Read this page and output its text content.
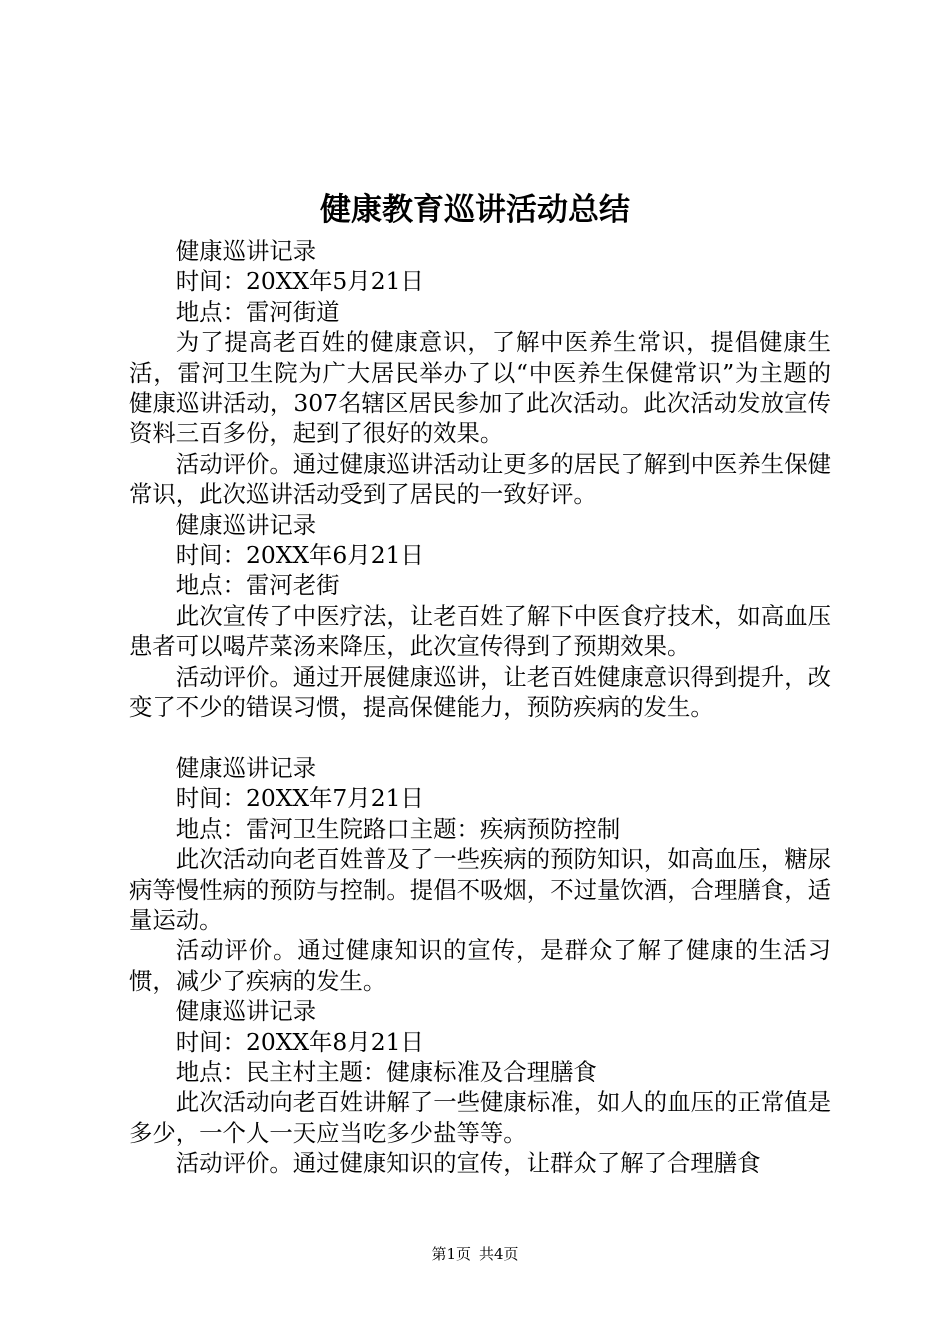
健康教育巡讲活动总结

健康巡讲记录

时间：20XX年5月21日

地点：雷河街道

为了提高老百姓的健康意识，了解中医养生常识，提倡健康生活，雷河卫生院为广大居民举办了以“中医养生保健常识”为主题的健康巡讲活动，307名辖区居民参加了此次活动。此次活动发放宣传资料三百多份，起到了很好的效果。

活动评价。通过健康巡讲活动让更多的居民了解到中医养生保健常识，此次巡讲活动受到了居民的一致好评。

健康巡讲记录

时间：20XX年6月21日

地点：雷河老街

此次宣传了中医疗法，让老百姓了解下中医食疗技术，如高血压患者可以喝芹菜汤来降压，此次宣传得到了预期效果。

活动评价。通过开展健康巡讲，让老百姓健康意识得到提升，改变了不少的错误习惯，提高保健能力，预防疾病的发生。

健康巡讲记录

时间：20XX年7月21日

地点：雷河卫生院路口主题：疾病预防控制

此次活动向老百姓普及了一些疾病的预防知识，如高血压，糖尿病等慢性病的预防与控制。提倡不吸烟，不过量饮酒，合理膳食，适量运动。

活动评价。通过健康知识的宣传，是群众了解了健康的生活习惯，减少了疾病的发生。

健康巡讲记录

时间：20XX年8月21日

地点：民主村主题：健康标准及合理膳食

此次活动向老百姓讲解了一些健康标准，如人的血压的正常值是多少，一个人一天应当吃多少盐等等。

活动评价。通过健康知识的宣传，让群众了解了合理膳食

第1页 共4页
